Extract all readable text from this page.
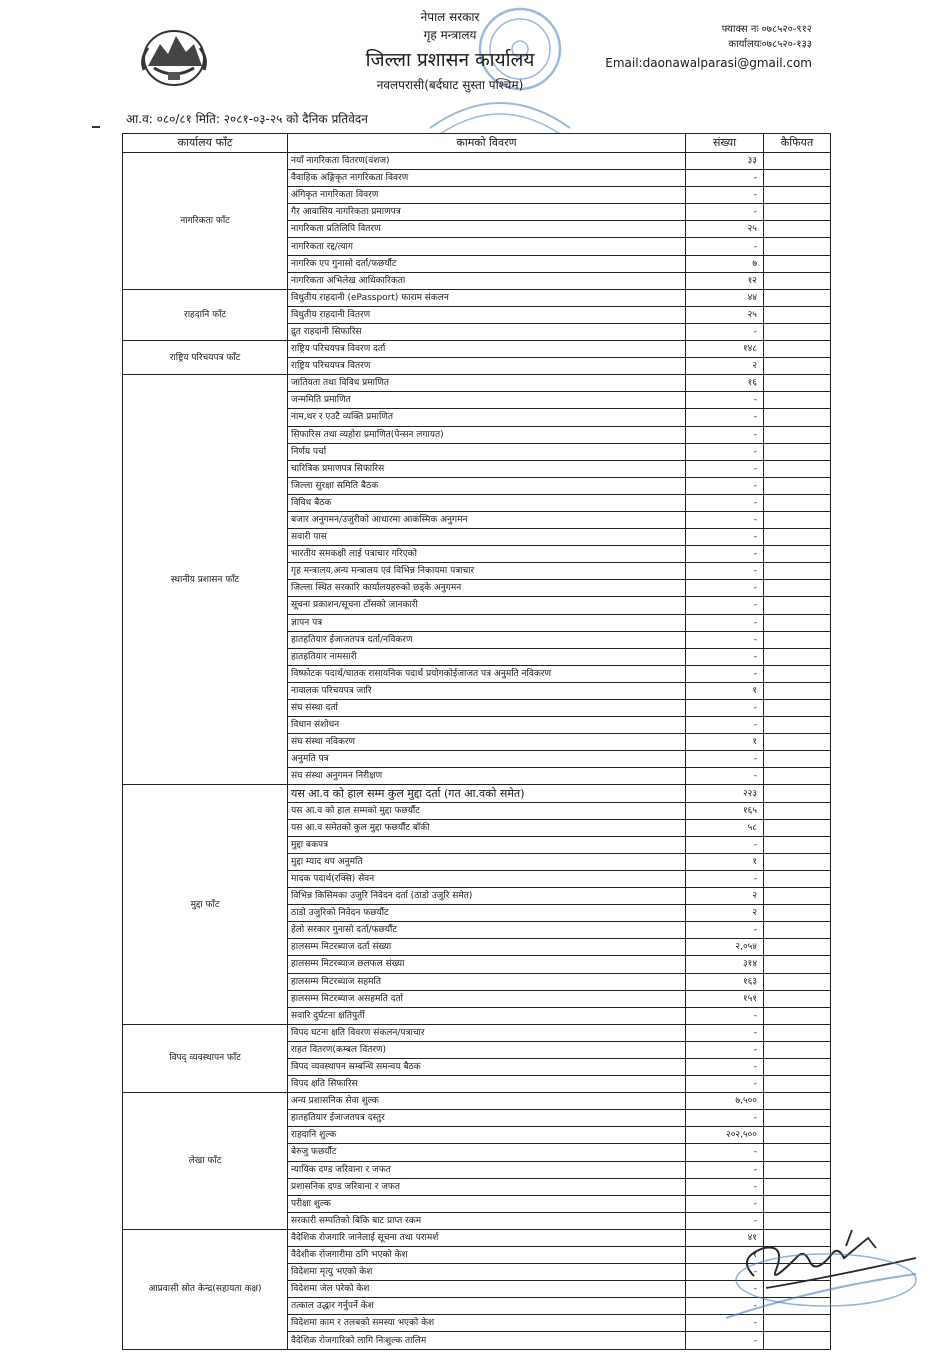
नेपाल सरकार
गृह मन्त्रालय
जिल्ला प्रशासन कार्यालय
नवलपरासी(बर्दघाट सुस्ता पश्चिम)
फ्याक्स नः ०७८५२०-९१२
कार्यालयः०७८५२०-१३३
Email:daonawalparasi@gmail.com
आ.व: ०८०/८१ मिति: २०८१-०३-२५ को दैनिक प्रतिवेदन
कार्यालय फाँट	कामको विवरण	संख्या	कैफियत
नागरिकता फाँट	नयाँ नागरिकता वितरण(वंशज)	३३	
	वैवाहिक अङ्गिकृत नागरिकता विवरण	-	
	अंगिकृत नागरिकता विवरण	-	
	गैर आवासिय नागरिकता प्रमाणपत्र	-	
	नागरिकता प्रतिलिपि वितरण	२५	
	नागरिकता रद्द/त्याग	-	
	नागरिक एप गुनासो दर्ता/फछर्यौट	७	
	नागरिकता अभिलेख आधिकारिकता	१२	
राहदानि फाँट	विधुतीय राहदानी (ePassport) फाराम संकलन	४४	
	विधुतीय राहदानी वितरण	२५	
	द्रुत राहदानी सिफारिस	-	
राष्ट्रिय परिचयपत्र फाँट	राष्ट्रिय परिचयपत्र विवरण दर्ता	१४८	
	राष्ट्रिय परिचयपत्र वितरण	२	
स्थानीय प्रशासन फाँट	जातियता तथा विविध प्रमाणित	१६	
	जन्ममिति प्रमाणित	-	
	नाम,थर र एउटै व्यक्ति प्रमाणित	-	
	सिफारिस तथा व्यहोरा प्रमाणित(पेन्सन लगायत)	-	
	निर्णय पर्चा	-	
	चारित्रिक प्रमाणपत्र सिफारिस	-	
	जिल्ला सुरक्षा समिति बैठक	-	
	विविध बैठक	-	
	बजार अनुगमन/उजुरीको आधारमा आकस्मिक अनुगमन	-	
	सवारी पास	-	
	भारतीय समकक्षी लाई पत्राचार गरिएको	-	
	गृह मन्त्रालय,अन्य मन्त्रालय एवं विभिन्न निकायमा पत्राचार	-	
	जिल्ला स्थित सरकारि कार्यालयहरुको छड्के अनुगमन	-	
	सूचना प्रकाशन/सूचना टाँसको जानकारी	-	
	ज्ञापन पत्र	-	
	हातहतियार ईजाजतपत्र दर्ता/नविकरण	-	
	हातहतियार नामसारी	-	
	विष्फोटक पदार्थ/घातक रासायनिक पदार्थ प्रयोगकोईजाजत पत्र अनुमति नविकरण	-	
	नावालक परिचयपत्र जारि	१	
	संघ संस्था दर्ता	-	
	विधान संशोधन	-	
	संघ संस्था नविकरण	१	
	अनुमति पत्र	-	
	संघ संस्था अनुगमन निरीक्षण	-	
मुद्दा फाँट	यस आ.व को हाल सम्म कुल मुद्दा दर्ता (गत आ.वको समेत)	२२३	
	यस आ.व को हाल सम्मको मुद्दा फछर्यौट	१६५	
	यस आ.व समेतको कुल मुद्दा फछर्यौट बाँकी	५८	
	मुद्दा बकपत्र	-	
	मुद्दा म्याद थप अनुमति	१	
	मादक पदार्थ(रक्सि) सेवन	-	
	विभिन्न किसिमका उजुरि निवेदन दर्ता (ठाडो उजुरि समेत)	२	
	ठाडो उजुरिको निवेदन फछर्यौट	२	
	हेलो सरकार गुनासो दर्ता/फछर्यौट	-	
	हालसम्म मिटरब्याज दर्ता संख्या	२,०५४	
	हालसम्म मिटरब्याज छलफल संख्या	३१४	
	हालसम्म मिटरब्याज सहमति	१६३	
	हालसम्म मिटरब्याज असहमति दर्ता	१५१	
	सवारि दुर्घटना क्षतिपुर्ती	-	
विपद् व्यवस्थापन फाँट	विपद घटना क्षति विवरण संकलन/पत्राचार	-	
	राहत वितरण(कम्बल वितरण)	-	
	विपद व्यवस्थापन सम्बन्धि समन्वय बैठक	-	
	विपद क्षति सिफारिस	-	
लेखा फाँट	अन्य प्रशासनिक सेवा शुल्क	७,५००	
	हातहतियार ईजाजतपत्र दस्तुर	-	
	राहदानि शुल्क	२०२,५००	
	बेरुजु फछर्यौट	-	
	न्यायिक दण्ड जरिवाना र जफत	-	
	प्रशासनिक दण्ड जरिवाना र जफत	-	
	परीक्षा शुल्क	-	
	सरकारी सम्पतिको बिकि बाट प्राप्त रकम	-	
आप्रवासी स्रोत केन्द्र(सहायता कक्ष)	वैदेशिक रोजगारि जानेलाई सूचना तथा परामर्श	४१	
	वैदेशीक रोजगारीमा ठगि भएको केश	१	
	विदेशमा मृत्यु भएको केश	-	
	विदेशमा जेल परेको केश	-	
	तत्काल उद्धार गर्नुपर्ने केश	-	
	विदेशमा काम र तलबको समस्या भएको केश	-	
	वैदेशिक रोजगारिको लागि निःशुल्क तालिम	-	
